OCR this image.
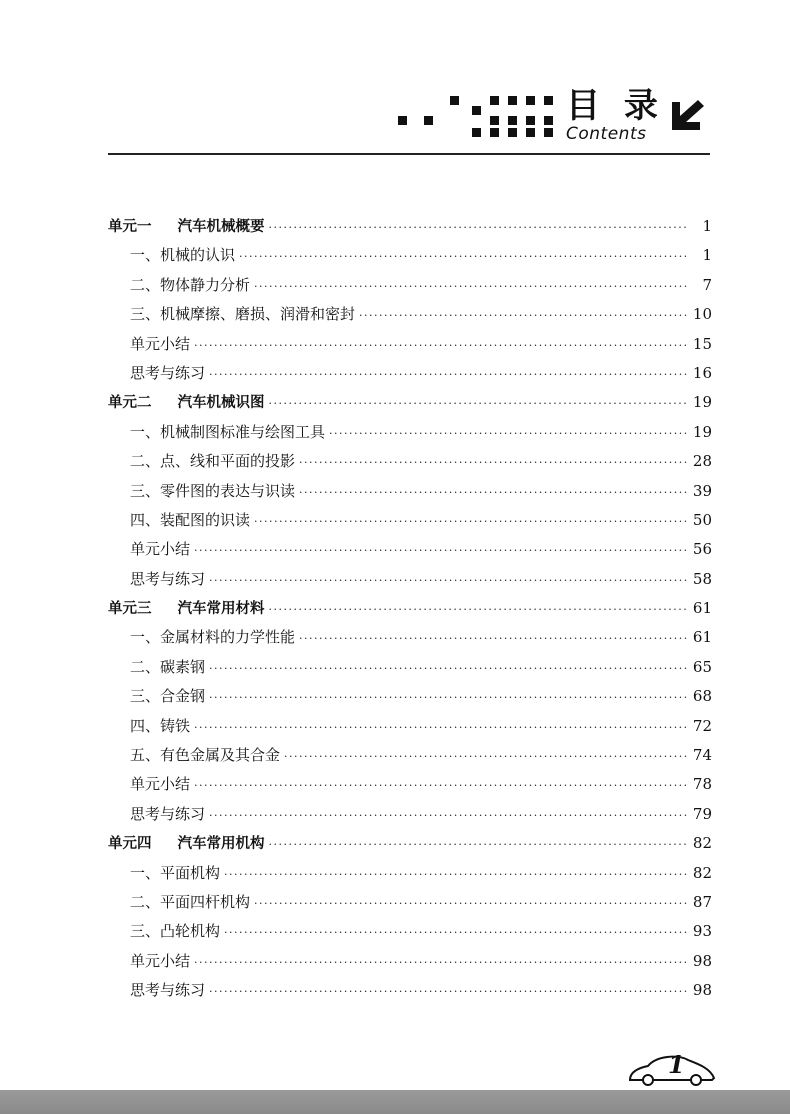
目 录
Contents
单元一 汽车机械概要 ·····	1
一、机械的认识 ·····	1
二、物体静力分析 ·····	7
三、机械摩擦、磨损、润滑和密封 ·····	10
单元小结 ·····	15
思考与练习 ·····	16
单元二 汽车机械识图 ·····	19
一、机械制图标准与绘图工具 ·····	19
二、点、线和平面的投影 ·····	28
三、零件图的表达与识读 ·····	39
四、装配图的识读 ·····	50
单元小结 ·····	56
思考与练习 ·····	58
单元三 汽车常用材料 ·····	61
一、金属材料的力学性能 ·····	61
二、碳素钢 ·····	65
三、合金钢 ·····	68
四、铸铁 ·····	72
五、有色金属及其合金 ·····	74
单元小结 ·····	78
思考与练习 ·····	79
单元四 汽车常用机构 ·····	82
一、平面机构 ·····	82
二、平面四杆机构 ·····	87
三、凸轮机构 ·····	93
单元小结 ·····	98
思考与练习 ·····	98
1
